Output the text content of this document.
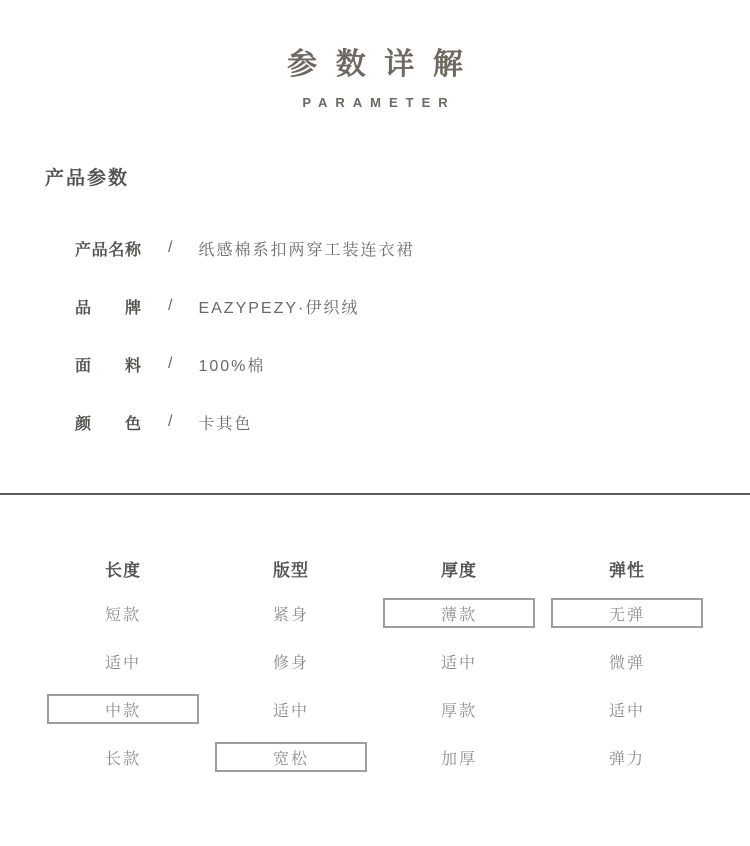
参数详解
PARAMETER
产品参数
产品名称 / 纸感棉系扣两穿工装连衣裙
品牌 / EAZYPEZY·伊织绒
面料 / 100%棉
颜色 / 卡其色
长度
短款
适中
中款
长款
版型
紧身
修身
适中
宽松
厚度
薄款
适中
厚款
加厚
弹性
无弹
微弹
适中
弹力
